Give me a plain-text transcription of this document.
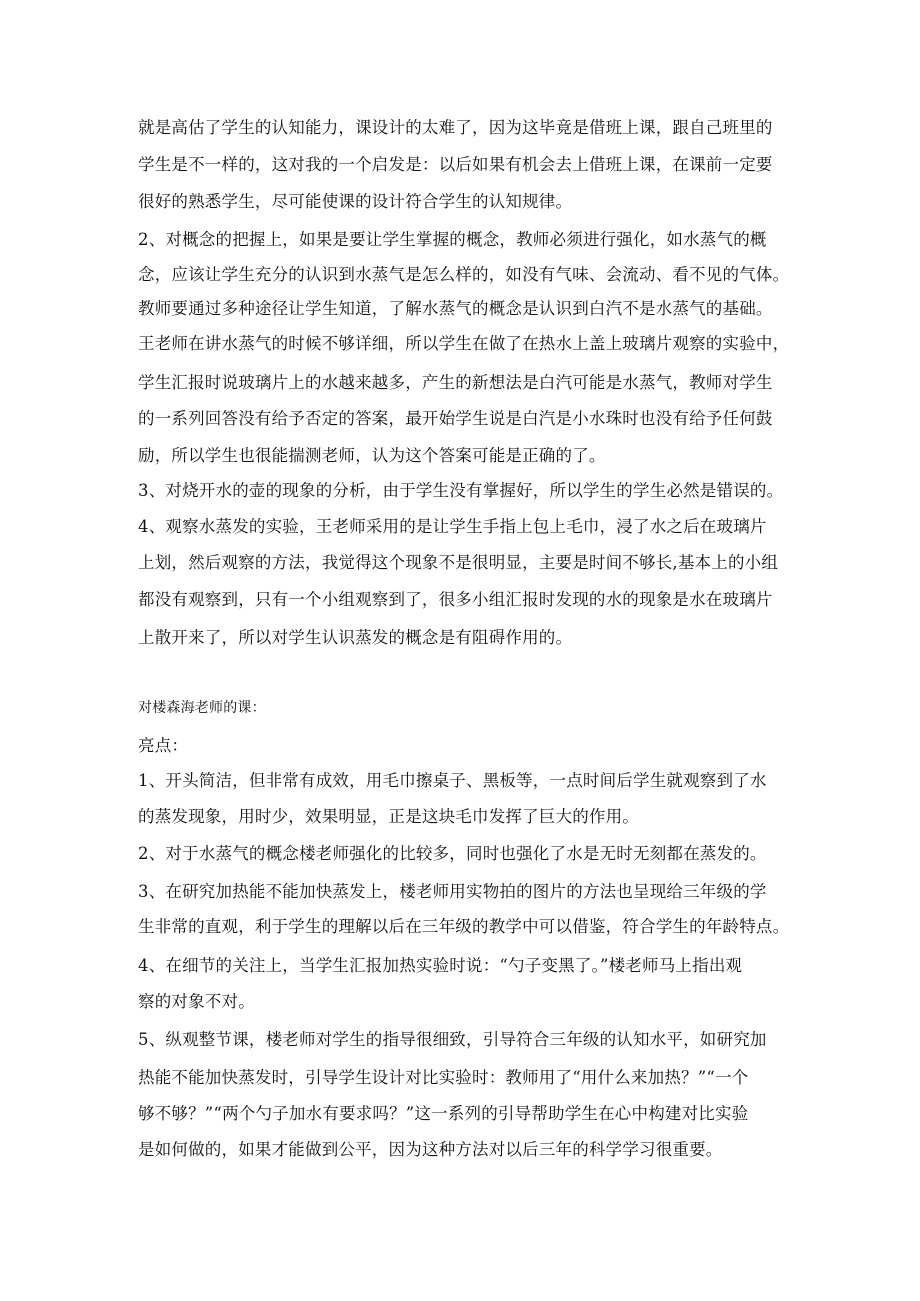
就是高估了学生的认知能力，课设计的太难了，因为这毕竟是借班上课，跟自己班里的
学生是不一样的，这对我的一个启发是：以后如果有机会去上借班上课，在课前一定要
很好的熟悉学生，尽可能使课的设计符合学生的认知规律。
2、对概念的把握上，如果是要让学生掌握的概念，教师必须进行强化，如水蒸气的概
念，应该让学生充分的认识到水蒸气是怎么样的，如没有气味、会流动、看不见的气体。
教师要通过多种途径让学生知道，了解水蒸气的概念是认识到白汽不是水蒸气的基础。
王老师在讲水蒸气的时候不够详细，所以学生在做了在热水上盖上玻璃片观察的实验中，
学生汇报时说玻璃片上的水越来越多，产生的新想法是白汽可能是水蒸气，教师对学生
的一系列回答没有给予否定的答案，最开始学生说是白汽是小水珠时也没有给予任何鼓
励，所以学生也很能揣测老师，认为这个答案可能是正确的了。
3、对烧开水的壶的现象的分析，由于学生没有掌握好，所以学生的学生必然是错误的。
4、观察水蒸发的实验，王老师采用的是让学生手指上包上毛巾，浸了水之后在玻璃片
上划，然后观察的方法，我觉得这个现象不是很明显，主要是时间不够长,基本上的小组
都没有观察到，只有一个小组观察到了，很多小组汇报时发现的水的现象是水在玻璃片
上散开来了，所以对学生认识蒸发的概念是有阻碍作用的。
对楼森海老师的课：
亮点：
1、开头简洁，但非常有成效，用毛巾擦桌子、黑板等，一点时间后学生就观察到了水
的蒸发现象，用时少，效果明显，正是这块毛巾发挥了巨大的作用。
2、对于水蒸气的概念楼老师强化的比较多，同时也强化了水是无时无刻都在蒸发的。
3、在研究加热能不能加快蒸发上，楼老师用实物拍的图片的方法也呈现给三年级的学
生非常的直观，利于学生的理解以后在三年级的教学中可以借鉴，符合学生的年龄特点。
4、在细节的关注上，当学生汇报加热实验时说：“勺子变黑了。”楼老师马上指出观
察的对象不对。
5、纵观整节课，楼老师对学生的指导很细致，引导符合三年级的认知水平，如研究加
热能不能加快蒸发时，引导学生设计对比实验时：教师用了“用什么来加热？”“一个
够不够？”“两个勺子加水有要求吗？”这一系列的引导帮助学生在心中构建对比实验
是如何做的，如果才能做到公平，因为这种方法对以后三年的科学学习很重要。
